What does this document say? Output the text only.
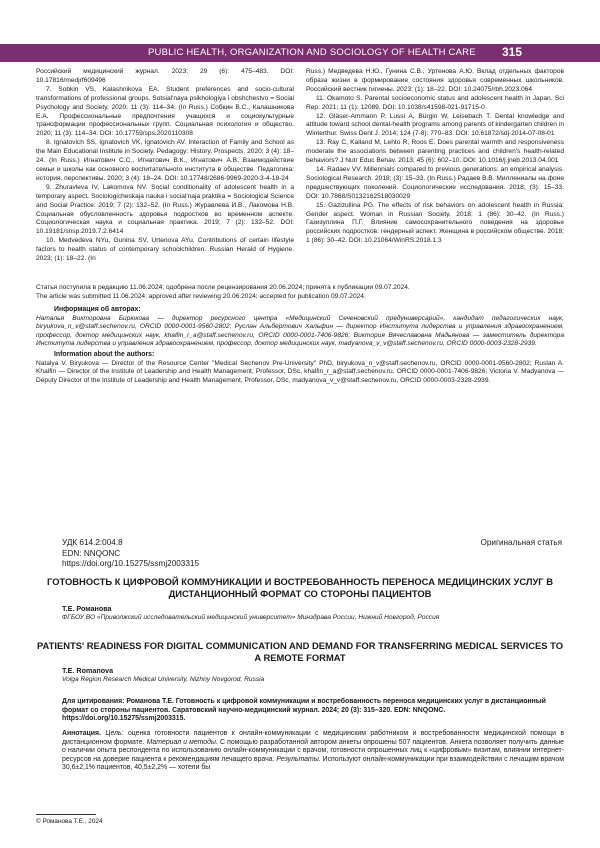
PUBLIC HEALTH, ORGANIZATION AND SOCIOLOGY OF HEALTH CARE 315

Российский медицинский журнал. 2023; 29 (6): 475–483. DOI: 10.17816/medjrf609496

7. Sobkin VS, Kalashnikova EA. Student preferences and socio-cultural transformations of professional groups. Sotsial'naya psikhologiya i obshchestvo = Social Psychology and Society. 2020; 11 (3): 114–34. (In Russ.) Собкин В.С., Калашникова Е.А. Профессиональные предпочтения учащихся и социокультурные трансформации профессиональных групп. Социальная психология и общество. 2020; 11 (3): 114–34. DOI: 10.17759/sps.2020110308

8. Ignatovich SS, Ignatovich VK, Ignatovich AV. Interaction of Family and School as the Main Educational Institute in Society. Pedagogy: History, Prospects. 2020; 3 (4): 18–24. (In Russ.) Игнатович С.С., Игнатович В.К., Игнатович А.В. Взаимодействие семьи и школы как основного воспитательного института в обществе. Педагогика: история, перспективы. 2020; 3 (4): 18–24. DOI: 10.17748/2686-9969-2020-3-4-18-24

9. Zhuravleva IV, Lakomova NV. Social conditionality of adolescent health in a temporary aspect. Sociologicheskaja nauka i social'naja praktika = Sociological Science and Social Practice. 2019; 7 (2): 132–52. (In Russ.) Журавлева И.В., Лакомова Н.В. Социальная обусловленность здоровья подростков во временном аспекте. Социологическая наука и социальная практика. 2019; 7 (2): 132–52. DOI: 10.19181/snsp.2019.7.2.6414

10. Medvedeva NYu, Gunina SV, Urtenova AYu. Contributions of certain lifestyle factors to health status of contemporary schoolchildren. Russian Herald of Hygiene. 2023; (1): 18–22. (In

Russ.) Медведева Н.Ю., Гунина С.В., Уртенова А.Ю. Вклад отдельных факторов образа жизни в формирование состояния здоровья современных школьников. Российский вестник гигиены. 2023; (1): 18–22. DOI: 10.24075/rbh.2023.064

11. Okamoto S. Parental socioeconomic status and adolescent health in Japan. Sci Rep. 2021; 11 (1): 12089. DOI: 10.1038/s41598-021-91715-0

12. Gläser-Ammann P, Lussi A, Bürgin W, Leisebach T. Dental knowledge and attitude toward school dental-health programs among parents of kindergarten children in Winterthur. Swiss Dent J. 2014; 124 (7-8): 770–83. DOI: 10.61872/sdj-2014-07-08-01

13. Ray C, Kalland M, Lehto R, Roos E. Does parental warmth and responsiveness moderate the associations between parenting practices and children's health-related behaviors? J Nutr Educ Behav. 2013; 45 (6): 602–10. DOI: 10.1016/j.jneb.2013.04.001

14. Radaev VV. Millennials compared to previous generations: an empirical analysis. Sociological Research. 2018; (3): 15–33. (In Russ.) Радаев В.В. Миллениалы на фоне предшествующих поколений. Социологические исследования. 2018; (3): 15–33. DOI: 10.7868/S0132162518030029

15. Gazizullina PG. The effects of risk behaviors on adolescent health in Russia: Gender aspect. Woman in Russian Society. 2018; 1 (86): 30–42. (In Russ.) Газизуллина П.Г. Влияние самосохранительного поведения на здоровье российских подростков: гендерный аспект. Женщина в российском обществе. 2018; 1 (86): 30–42. DOI: 10.21064/WinRS.2018.1.3

Статья поступила в редакцию 11.06.2024; одобрена после рецензирования 20.06.2024; принята к публикации 09.07.2024.

The article was submitted 11.06.2024; approved after reviewing 20.06.2024; accepted for publication 09.07.2024.

Информация об авторах:

Наталья Викторовна Бирюкова — директор ресурсного центра «Медицинский Сеченовский предуниверсарий», кандидат педагогических наук, biryukova_n_v@staff.sechenov.ru, ORCID 0000-0001-9560-2802; Руслан Альбертович Хальфин — директор Института лидерства и управления здравоохранением, профессор, доктор медицинских наук, khalfin_r_a@staff.sechenov.ru, ORCID 0000-0001-7406-9826; Виктория Вячеславовна Мадьянова — заместитель директора Института лидерства и управления здравоохранением, профессор, доктор медицинских наук, madyanova_v_v@staff.sechenov.ru, ORCID 0000-0003-2328-2939.

Information about the authors:

Natalya V. Biryukova — Director of the Resource Center "Medical Sechenov Pre-University" PhD, biryukova_n_v@staff.sechenov.ru, ORCID 0000-0001-9560-2802; Ruslan A. Khalfin — Director of the Institute of Leadership and Health Management, Professor, DSc, khalfin_r_a@staff.sechenov.ru, ORCID 0000-0001-7406-9826; Victoria V. Madyanova — Deputy Director of the Institute of Leadership and Health Management, Professor, DSc, madyanova_v_v@staff.sechenov.ru, ORCID 0000-0003-2328-2939.

УДК 614.2:004.8
EDN: NNQONC
https://doi.org/10.15275/ssmj2003315
Оригинальная статья
ГОТОВНОСТЬ К ЦИФРОВОЙ КОММУНИКАЦИИ И ВОСТРЕБОВАННОСТЬ ПЕРЕНОСА МЕДИЦИНСКИХ УСЛУГ В ДИСТАНЦИОННЫЙ ФОРМАТ СО СТОРОНЫ ПАЦИЕНТОВ
Т.Е. Романова
ФГБОУ ВО «Приволжский исследовательский медицинский университет» Минздрава России, Нижний Новгород, Россия
PATIENTS' READINESS FOR DIGITAL COMMUNICATION AND DEMAND FOR TRANSFERRING MEDICAL SERVICES TO A REMOTE FORMAT
T.E. Romanova
Volga Region Research Medical University, Nizhny Novgorod, Russia
Для цитирования: Романова Т.Е. Готовность к цифровой коммуникации и востребованность переноса медицинских услуг в дистанционный формат со стороны пациентов. Саратовский научно-медицинский журнал. 2024; 20 (3): 315–320. EDN: NNQONC. https://doi.org/10.15275/ssmj2003315.
Аннотация. Цель: оценка готовности пациентов к онлайн-коммуникации с медицинским работником и востребованности медицинской помощи в дистанционном формате. Материал и методы. С помощью разработанной автором анкеты опрошены 507 пациентов. Анкета позволяет получить данные о наличии опыта респондента по использованию онлайн-коммуникации с врачом, готовности опрошенных лиц к «цифровым» визитам, влиянии интернет-ресурсов на доверие пациента к рекомендациям лечащего врача. Результаты. Используют онлайн-коммуникации при взаимодействии с лечащим врачом 30,6±2,1% пациентов, 40,5±2,2% — хотели бы
© Романова Т.Е., 2024
